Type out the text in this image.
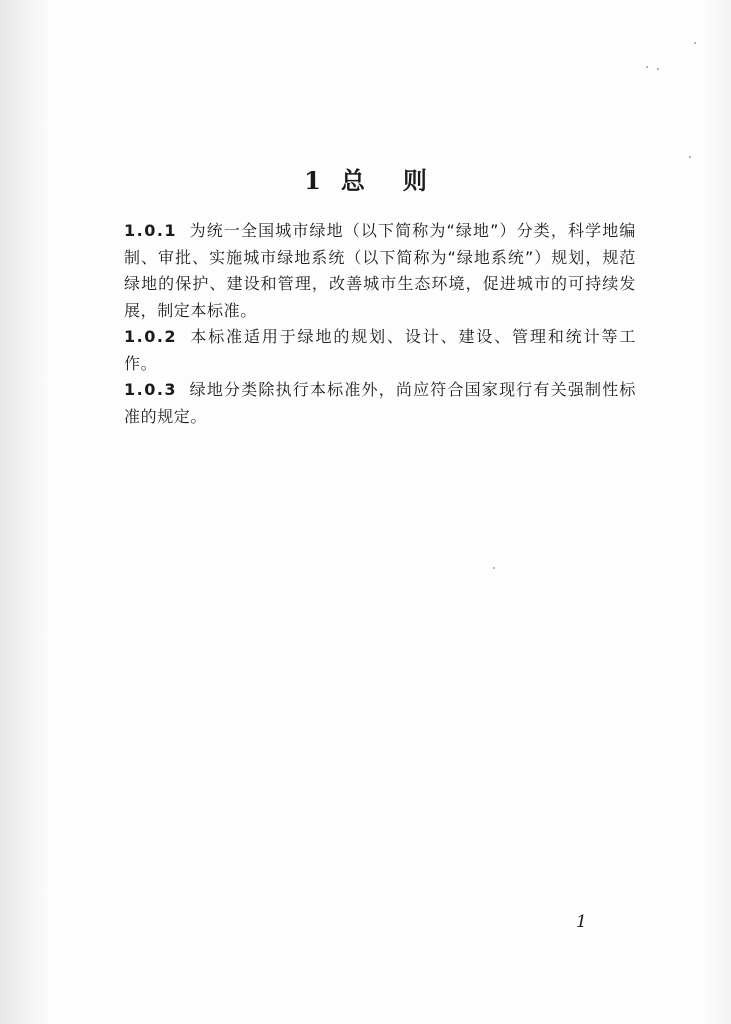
1 总 则

1.0.1 为统一全国城市绿地（以下简称为“绿地”）分类，科学地编制、审批、实施城市绿地系统（以下简称为“绿地系统”）规划，规范绿地的保护、建设和管理，改善城市生态环境，促进城市的可持续发展，制定本标准。

1.0.2 本标准适用于绿地的规划、设计、建设、管理和统计等工作。

1.0.3 绿地分类除执行本标准外，尚应符合国家现行有关强制性标准的规定。

1
